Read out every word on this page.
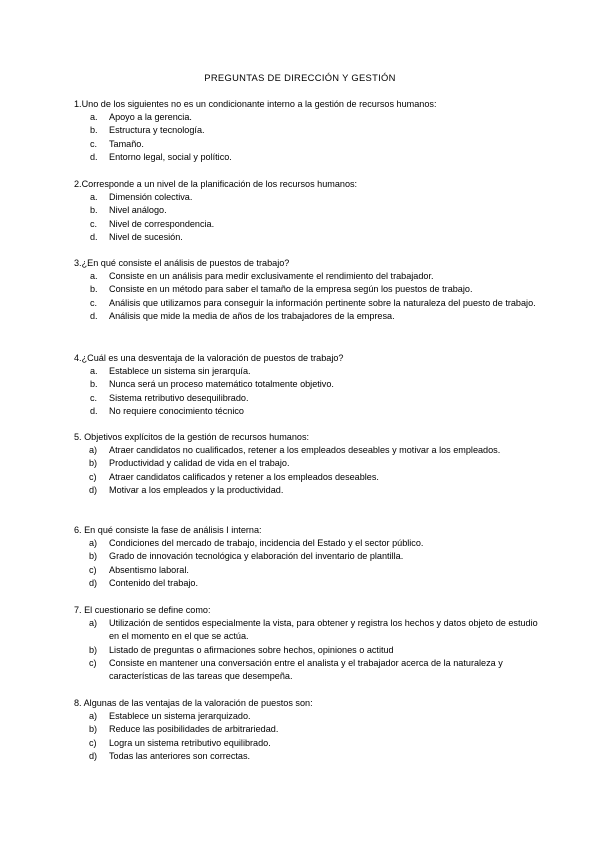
PREGUNTAS DE DIRECCIÓN Y GESTIÓN
1.Uno de los siguientes no es un condicionante interno a la gestión de recursos humanos:
a. Apoyo a la gerencia.
b. Estructura y tecnología.
c. Tamaño.
d. Entorno legal, social y político.
2.Corresponde a un nivel de la planificación de los recursos humanos:
a. Dimensión colectiva.
b. Nivel análogo.
c. Nivel de correspondencia.
d. Nivel de sucesión.
3.¿En qué consiste el análisis de puestos de trabajo?
a. Consiste en un análisis para medir exclusivamente el rendimiento del trabajador.
b. Consiste en un método para saber el tamaño de la empresa según los puestos de trabajo.
c. Análisis que utilizamos para conseguir la información pertinente sobre la naturaleza del puesto de trabajo.
d. Análisis que mide la media de años de los trabajadores de la empresa.
4.¿Cuál es una desventaja de la valoración de puestos de trabajo?
a. Establece un sistema sin jerarquía.
b. Nunca será un proceso matemático totalmente objetivo.
c. Sistema retributivo desequilibrado.
d. No requiere conocimiento técnico
5. Objetivos explícitos de la gestión de recursos humanos:
a) Atraer candidatos no cualificados, retener a los empleados deseables y motivar a los empleados.
b) Productividad y calidad de vida en el trabajo.
c) Atraer candidatos calificados y retener a los empleados deseables.
d) Motivar a los empleados y la productividad.
6. En qué consiste la fase de análisis I interna:
a) Condiciones del mercado de trabajo, incidencia del Estado y el sector público.
b) Grado de innovación tecnológica y elaboración del inventario de plantilla.
c) Absentismo laboral.
d) Contenido del trabajo.
7. El cuestionario se define como:
a) Utilización de sentidos especialmente la vista, para obtener y registra los hechos y datos objeto de estudio en el momento en el que se actúa.
b) Listado de preguntas o afirmaciones sobre hechos, opiniones o actitud
c) Consiste en mantener una conversación entre el analista y el trabajador acerca de la naturaleza y características de las tareas que desempeña.
8. Algunas de las ventajas de la valoración de puestos son:
a) Establece un sistema jerarquizado.
b) Reduce las posibilidades de arbitrariedad.
c) Logra un sistema retributivo equilibrado.
d) Todas las anteriores son correctas.
